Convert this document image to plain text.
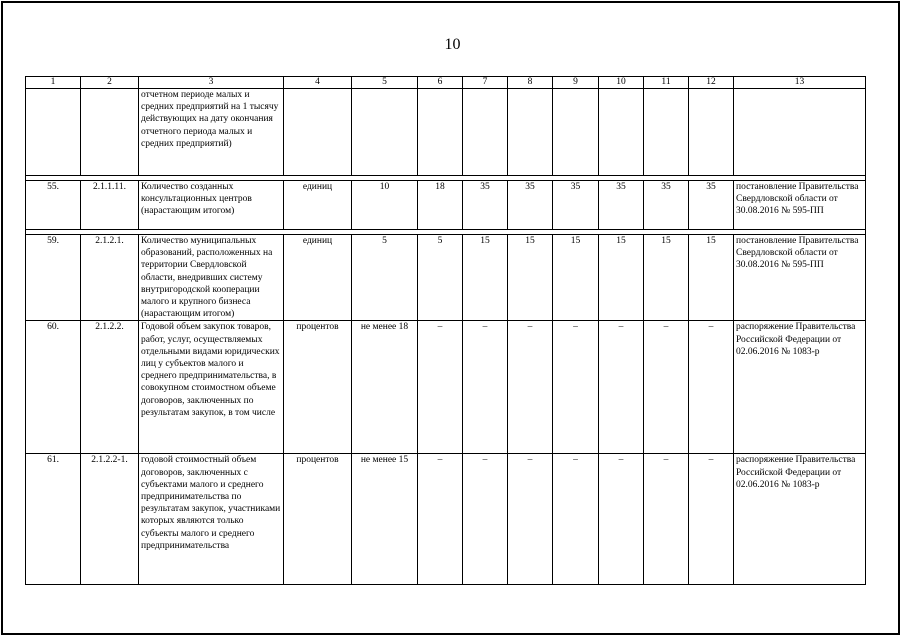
10
1	2	3	4	5	6	7	8	9	10	11	12	13
		отчетном периоде малых и средних предприятий на 1 тысячу действующих на дату окончания отчетного периода малых и средних предприятий)										

55.	2.1.1.11.	Количество созданных консультационных центров (нарастающим итогом)	единиц	10	18	35	35	35	35	35	35	постановление Правительства Свердловской области от 30.08.2016 № 595-ПП

59.	2.1.2.1.	Количество муниципальных образований, расположенных на территории Свердловской области, внедривших систему внутригородской кооперации малого и крупного бизнеса (нарастающим итогом)	единиц	5	5	15	15	15	15	15	15	постановление Правительства Свердловской области от 30.08.2016 № 595-ПП
60.	2.1.2.2.	Годовой объем закупок товаров, работ, услуг, осуществляемых отдельными видами юридических лиц у субъектов малого и среднего предпринимательства, в совокупном стоимостном объеме договоров, заключенных по результатам закупок, в том числе	процентов	не менее 18	–	–	–	–	–	–	–	распоряжение Правительства Российской Федерации от 02.06.2016 № 1083-р
61.	2.1.2.2-1.	годовой стоимостный объем договоров, заключенных с субъектами малого и среднего предпринимательства по результатам закупок, участниками которых являются только субъекты малого и среднего предпринимательства	процентов	не менее 15	–	–	–	–	–	–	–	распоряжение Правительства Российской Федерации от 02.06.2016 № 1083-р
